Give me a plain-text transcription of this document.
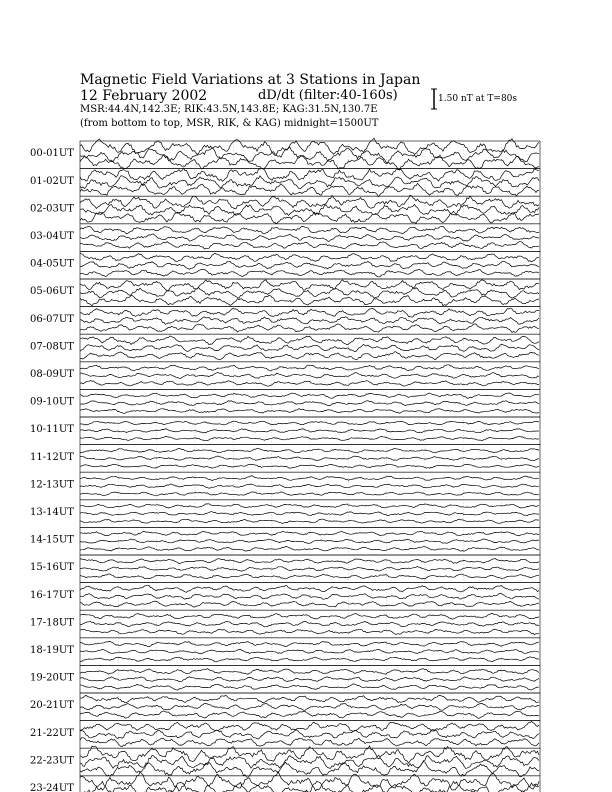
Magnetic Field Variations at 3 Stations in Japan
12 February 2002	dD/dt (filter:40-160s)
MSR:44.4N,142.3E; RIK:43.5N,143.8E; KAG:31.5N,130.7E
(from bottom to top, MSR, RIK, & KAG) midnight=1500UT
1.50 nT at T=80s
00-01UT
01-02UT
02-03UT
03-04UT
04-05UT
05-06UT
06-07UT
07-08UT
08-09UT
09-10UT
10-11UT
11-12UT
12-13UT
13-14UT
14-15UT
15-16UT
16-17UT
17-18UT
18-19UT
19-20UT
20-21UT
21-22UT
22-23UT
23-24UT
